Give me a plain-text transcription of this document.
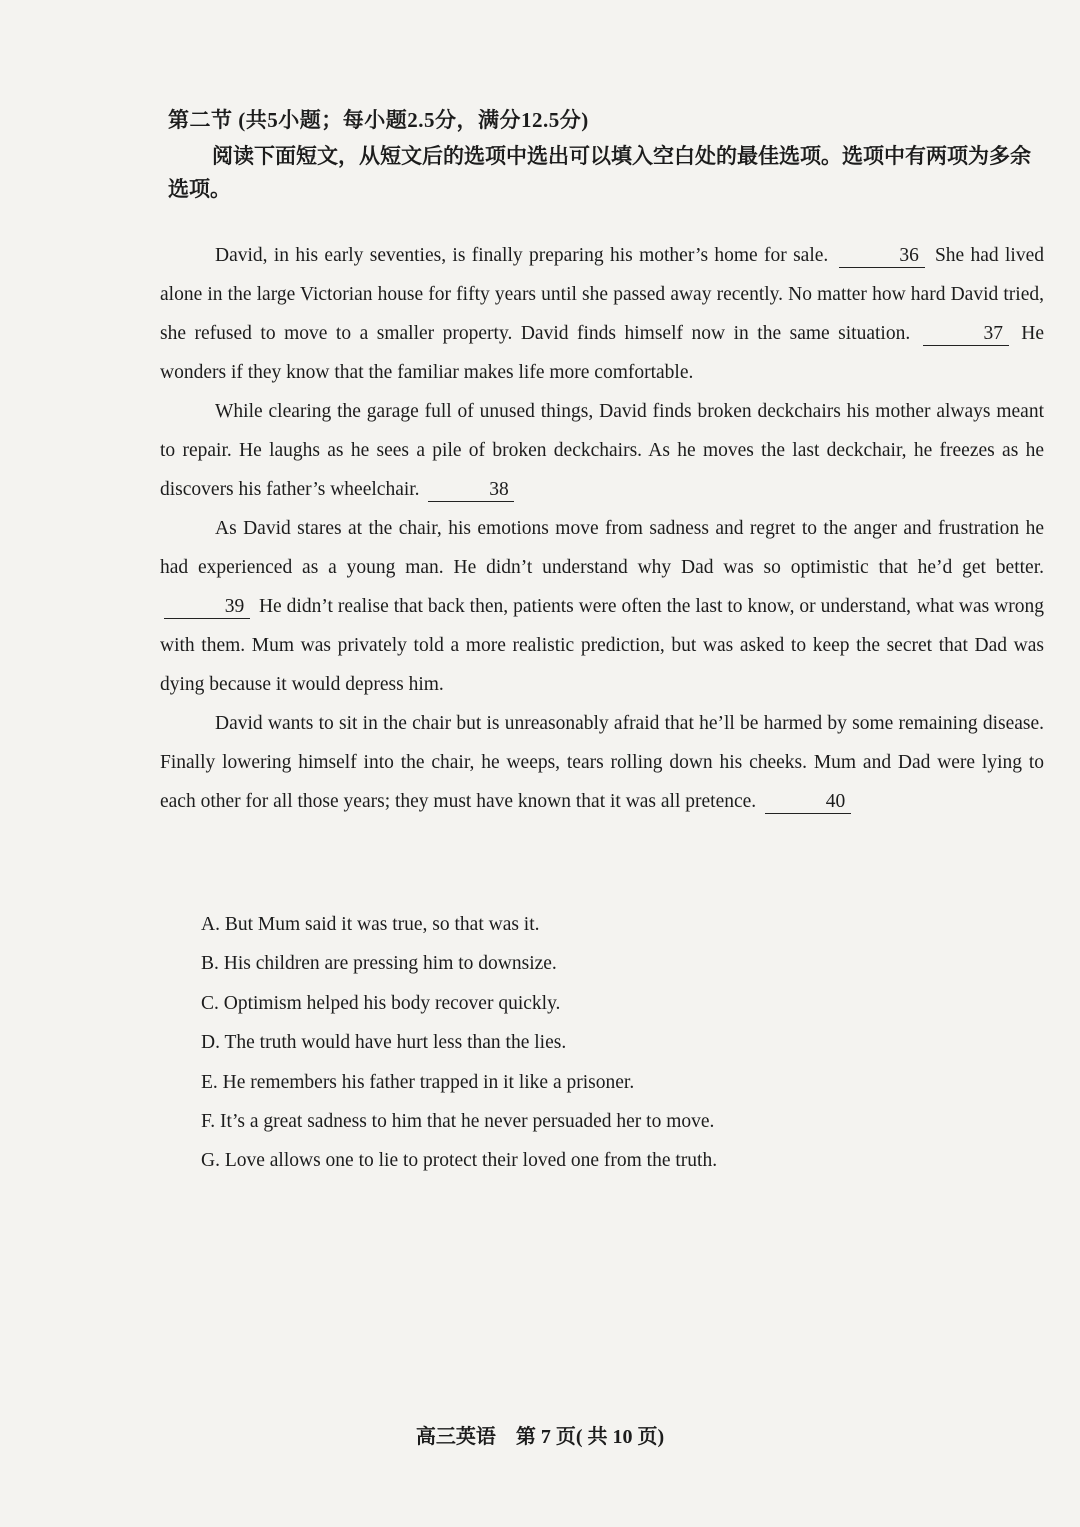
第二节 (共5小题；每小题2.5分，满分12.5分)
阅读下面短文，从短文后的选项中选出可以填入空白处的最佳选项。选项中有两项为多余选项。

David, in his early seventies, is finally preparing his mother’s home for sale.	36 She had lived alone in the large Victorian house for fifty years until she passed away recently. No matter how hard David tried, she refused to move to a smaller property. David finds himself now in the same situation.	37 He wonders if they know that the familiar makes life more comfortable.

While clearing the garage full of unused things, David finds broken deckchairs his mother always meant to repair. He laughs as he sees a pile of broken deckchairs. As he moves the last deckchair, he freezes as he discovers his father’s wheelchair.	38

As David stares at the chair, his emotions move from sadness and regret to the anger and frustration he had experienced as a young man. He didn’t understand why Dad was so optimistic that he’d get better. 39 He didn’t realise that back then, patients were often the last to know, or understand, what was wrong with them. Mum was privately told a more realistic prediction, but was asked to keep the secret that Dad was dying because it would depress him.

David wants to sit in the chair but is unreasonably afraid that he’ll be harmed by some remaining disease. Finally lowering himself into the chair, he weeps, tears rolling down his cheeks. Mum and Dad were lying to each other for all those years; they must have known that it was all pretence.	40

A. But Mum said it was true, so that was it.
B. His children are pressing him to downsize.
C. Optimism helped his body recover quickly.
D. The truth would have hurt less than the lies.
E. He remembers his father trapped in it like a prisoner.
F. It’s a great sadness to him that he never persuaded her to move.
G. Love allows one to lie to protect their loved one from the truth.
高三英语　第 7 页( 共 10 页)
